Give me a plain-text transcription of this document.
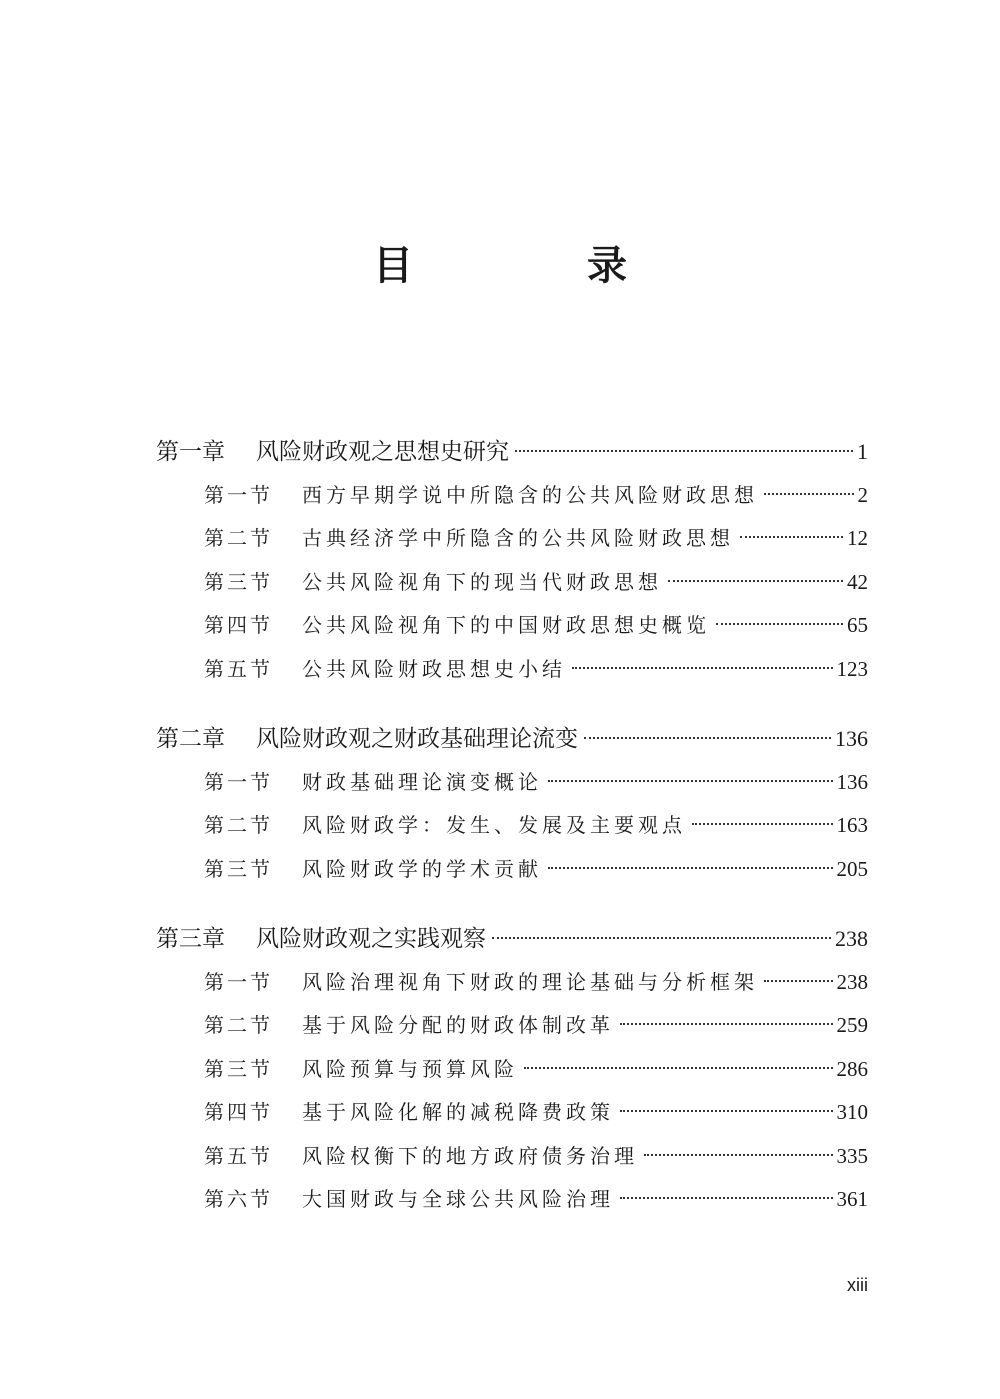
目 录
第一章	风险财政观之思想史研究	1
第一节	西方早期学说中所隐含的公共风险财政思想	2
第二节	古典经济学中所隐含的公共风险财政思想	12
第三节	公共风险视角下的现当代财政思想	42
第四节	公共风险视角下的中国财政思想史概览	65
第五节	公共风险财政思想史小结	123
第二章	风险财政观之财政基础理论流变	136
第一节	财政基础理论演变概论	136
第二节	风险财政学：发生、发展及主要观点	163
第三节	风险财政学的学术贡献	205
第三章	风险财政观之实践观察	238
第一节	风险治理视角下财政的理论基础与分析框架	238
第二节	基于风险分配的财政体制改革	259
第三节	风险预算与预算风险	286
第四节	基于风险化解的减税降费政策	310
第五节	风险权衡下的地方政府债务治理	335
第六节	大国财政与全球公共风险治理	361
xiii
